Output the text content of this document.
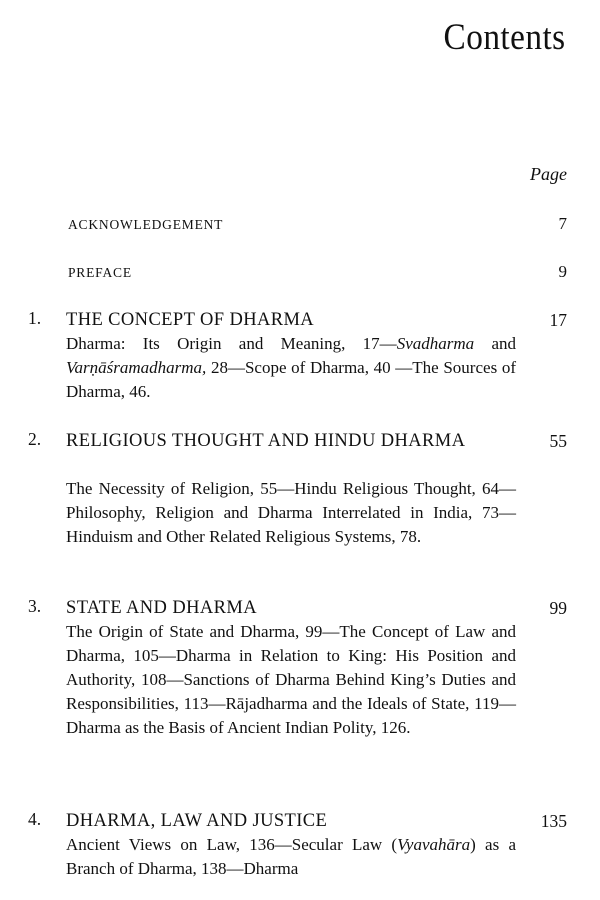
Contents
Page
ACKNOWLEDGEMENT	7
PREFACE	9
1. THE CONCEPT OF DHARMA	17
Dharma: Its Origin and Meaning, 17—Svadharma and Varṇāśramadharma, 28—Scope of Dharma, 40 —The Sources of Dharma, 46.
2. RELIGIOUS THOUGHT AND HINDU DHARMA	55
The Necessity of Religion, 55—Hindu Religious Thought, 64—Philosophy, Religion and Dharma Interrelated in India, 73—Hinduism and Other Related Religious Systems, 78.
3. STATE AND DHARMA	99
The Origin of State and Dharma, 99—The Concept of Law and Dharma, 105—Dharma in Relation to King: His Position and Authority, 108—Sanctions of Dharma Behind King’s Duties and Responsibilities, 113—Rājadharma and the Ideals of State, 119—Dharma as the Basis of Ancient Indian Polity, 126.
4. DHARMA, LAW AND JUSTICE	135
Ancient Views on Law, 136—Secular Law (Vyavahāra) as a Branch of Dharma, 138—Dharma
